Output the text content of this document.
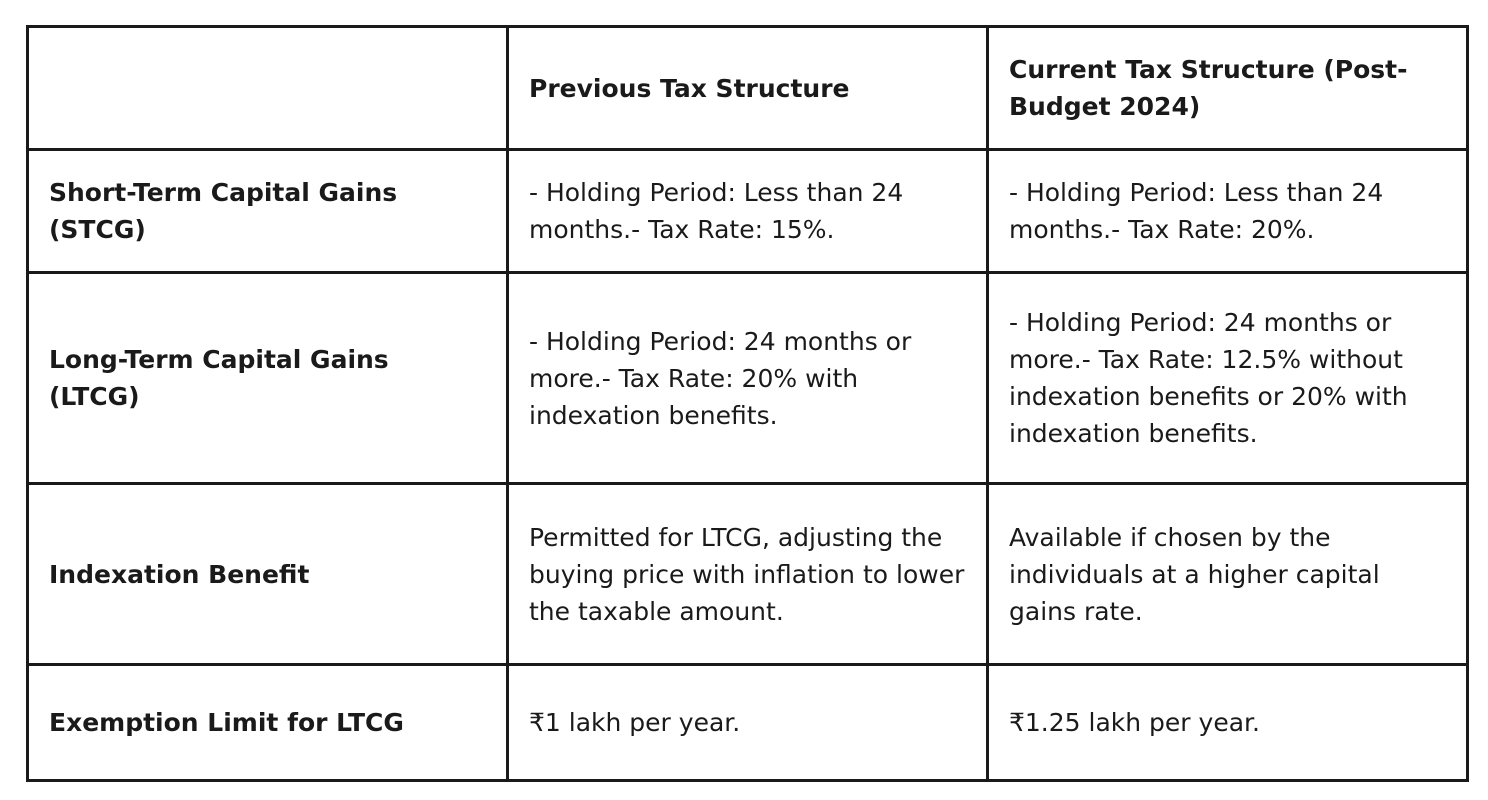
	Previous Tax Structure	Current Tax Structure (Post-Budget 2024)
Short-Term Capital Gains (STCG)	- Holding Period: Less than 24 months.- Tax Rate: 15%.	- Holding Period: Less than 24 months.- Tax Rate: 20%.
Long-Term Capital Gains (LTCG)	- Holding Period: 24 months or more.- Tax Rate: 20% with indexation benefits.	- Holding Period: 24 months or more.- Tax Rate: 12.5% without indexation benefits or 20% with indexation benefits.
Indexation Benefit	Permitted for LTCG, adjusting the buying price with inflation to lower the taxable amount.	Available if chosen by the individuals at a higher capital gains rate.
Exemption Limit for LTCG	₹1 lakh per year.	₹1.25 lakh per year.
